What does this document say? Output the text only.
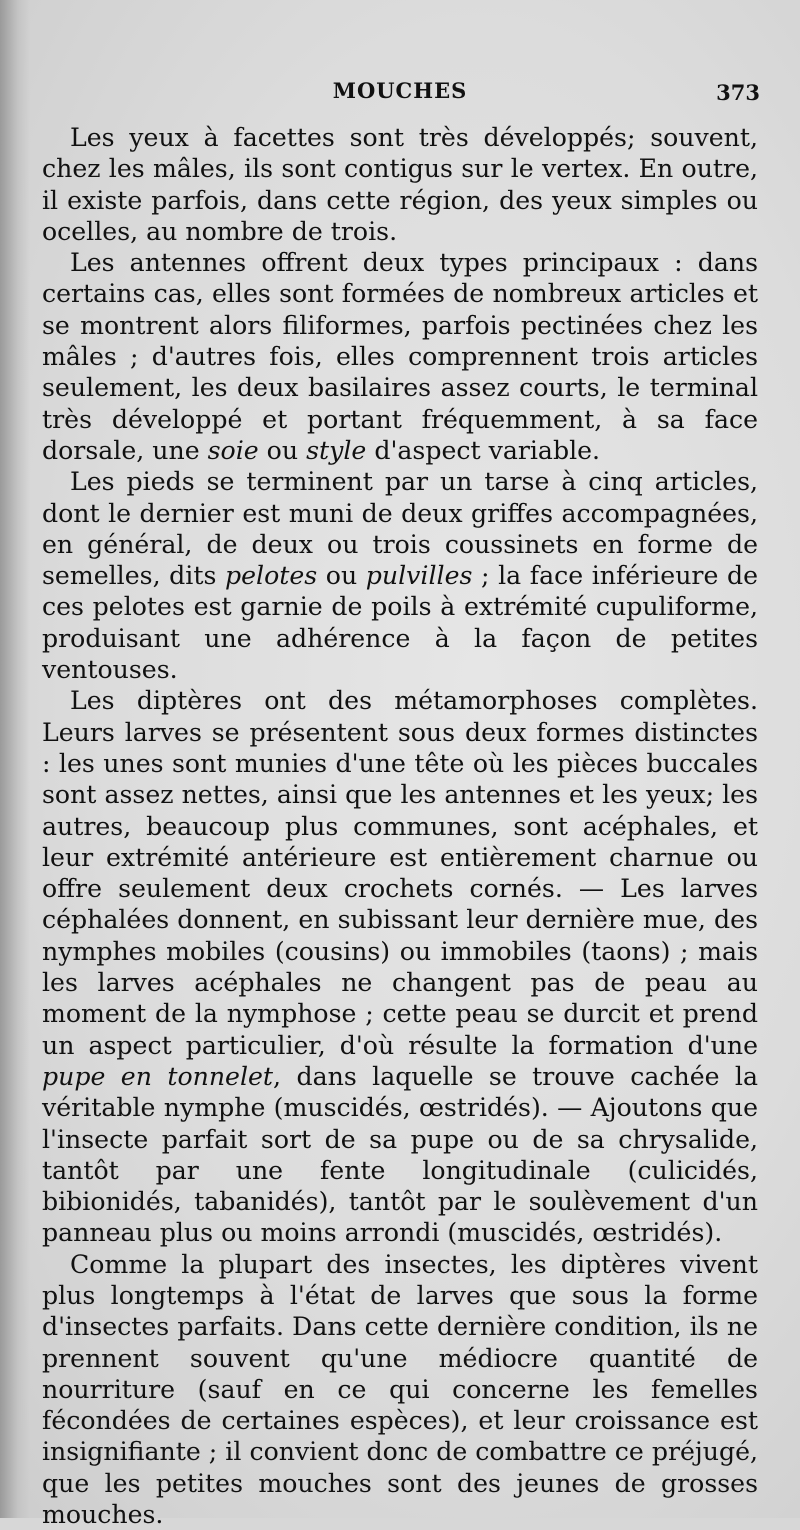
MOUCHES	373

Les yeux à facettes sont très développés; souvent, chez les mâles, ils sont contigus sur le vertex. En outre, il existe parfois, dans cette région, des yeux simples ou ocelles, au nombre de trois.

Les antennes offrent deux types principaux : dans certains cas, elles sont formées de nombreux articles et se montrent alors filiformes, parfois pectinées chez les mâles ; d'autres fois, elles comprennent trois articles seulement, les deux basilaires assez courts, le terminal très développé et portant fréquemment, à sa face dorsale, une soie ou style d'aspect variable.

Les pieds se terminent par un tarse à cinq articles, dont le dernier est muni de deux griffes accompagnées, en général, de deux ou trois coussinets en forme de semelles, dits pelotes ou pulvilles ; la face inférieure de ces pelotes est garnie de poils à extrémité cupuliforme, produisant une adhérence à la façon de petites ventouses.

Les diptères ont des métamorphoses complètes. Leurs larves se présentent sous deux formes distinctes : les unes sont munies d'une tête où les pièces buccales sont assez nettes, ainsi que les antennes et les yeux; les autres, beaucoup plus communes, sont acéphales, et leur extrémité antérieure est entièrement charnue ou offre seulement deux crochets cornés. — Les larves céphalées donnent, en subissant leur dernière mue, des nymphes mobiles (cousins) ou immobiles (taons) ; mais les larves acéphales ne changent pas de peau au moment de la nymphose ; cette peau se durcit et prend un aspect particulier, d'où résulte la formation d'une pupe en tonnelet, dans laquelle se trouve cachée la véritable nymphe (muscidés, œstridés). — Ajoutons que l'insecte parfait sort de sa pupe ou de sa chrysalide, tantôt par une fente longitudinale (culicidés, bibionidés, tabanidés), tantôt par le soulèvement d'un panneau plus ou moins arrondi (muscidés, œstridés).

Comme la plupart des insectes, les diptères vivent plus longtemps à l'état de larves que sous la forme d'insectes parfaits. Dans cette dernière condition, ils ne prennent souvent qu'une médiocre quantité de nourriture (sauf en ce qui concerne les femelles fécondées de certaines espèces), et leur croissance est insignifiante ; il convient donc de combattre ce préjugé, que les petites mouches sont des jeunes de grosses mouches.
